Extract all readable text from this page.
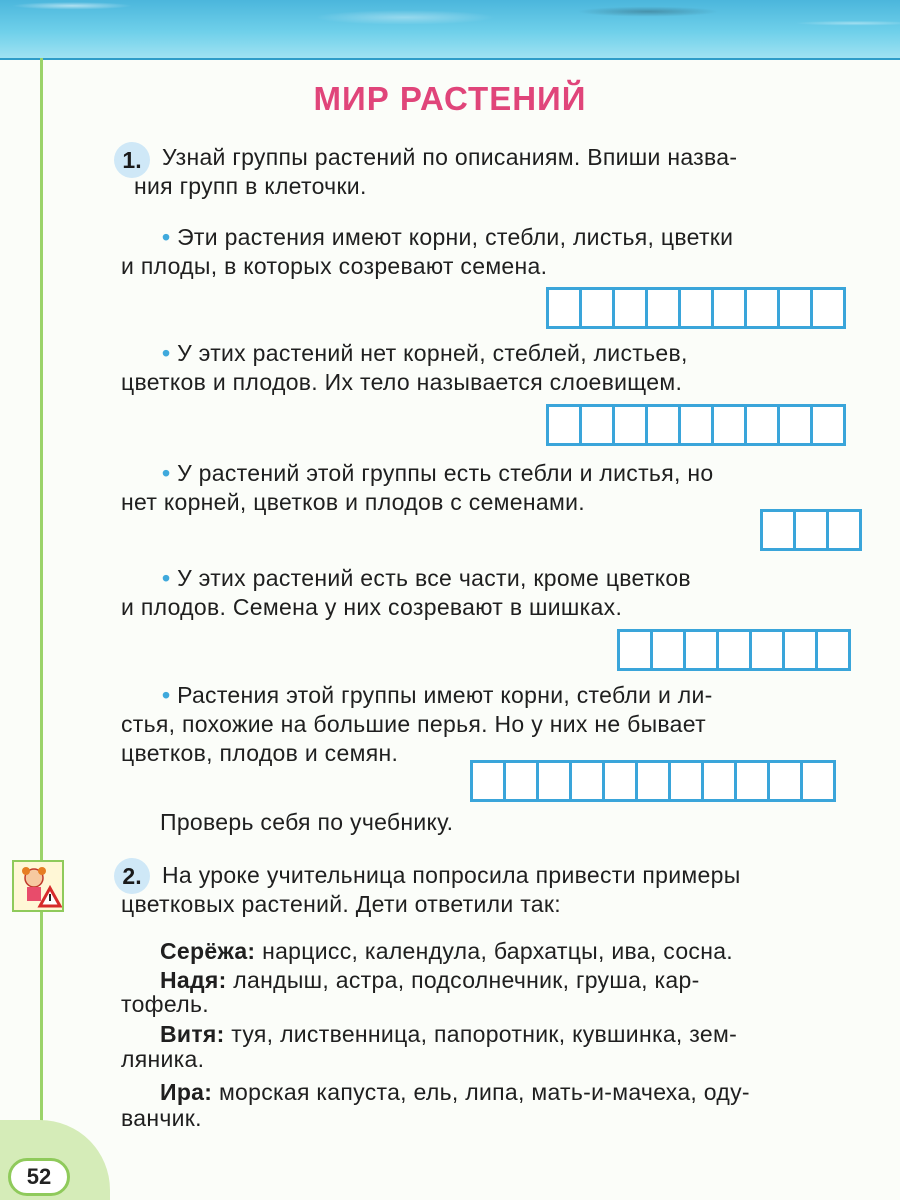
52
МИР РАСТЕНИЙ
1. Узнай группы растений по описаниям. Впиши назва-

ния групп в клеточки.

• Эти растения имеют корни, стебли, листья, цветки

и плоды, в которых созревают семена.

• У этих растений нет корней, стеблей, листьев,

цветков и плодов. Их тело называется слоевищем.

• У растений этой группы есть стебли и листья, но

нет корней, цветков и плодов с семенами.

• У этих растений есть все части, кроме цветков

и плодов. Семена у них созревают в шишках.

• Растения этой группы имеют корни, стебли и ли-

стья, похожие на большие перья. Но у них не бывает

цветков, плодов и семян.

Проверь себя по учебнику.

2. На уроке учительница попросила привести примеры

цветковых растений. Дети ответили так:

Серёжа: нарцисс, календула, бархатцы, ива, сосна.

Надя: ландыш, астра, подсолнечник, груша, кар-

тофель.

Витя: туя, лиственница, папоротник, кувшинка, зем-

ляника.

Ира: морская капуста, ель, липа, мать-и-мачеха, оду-

ванчик.
